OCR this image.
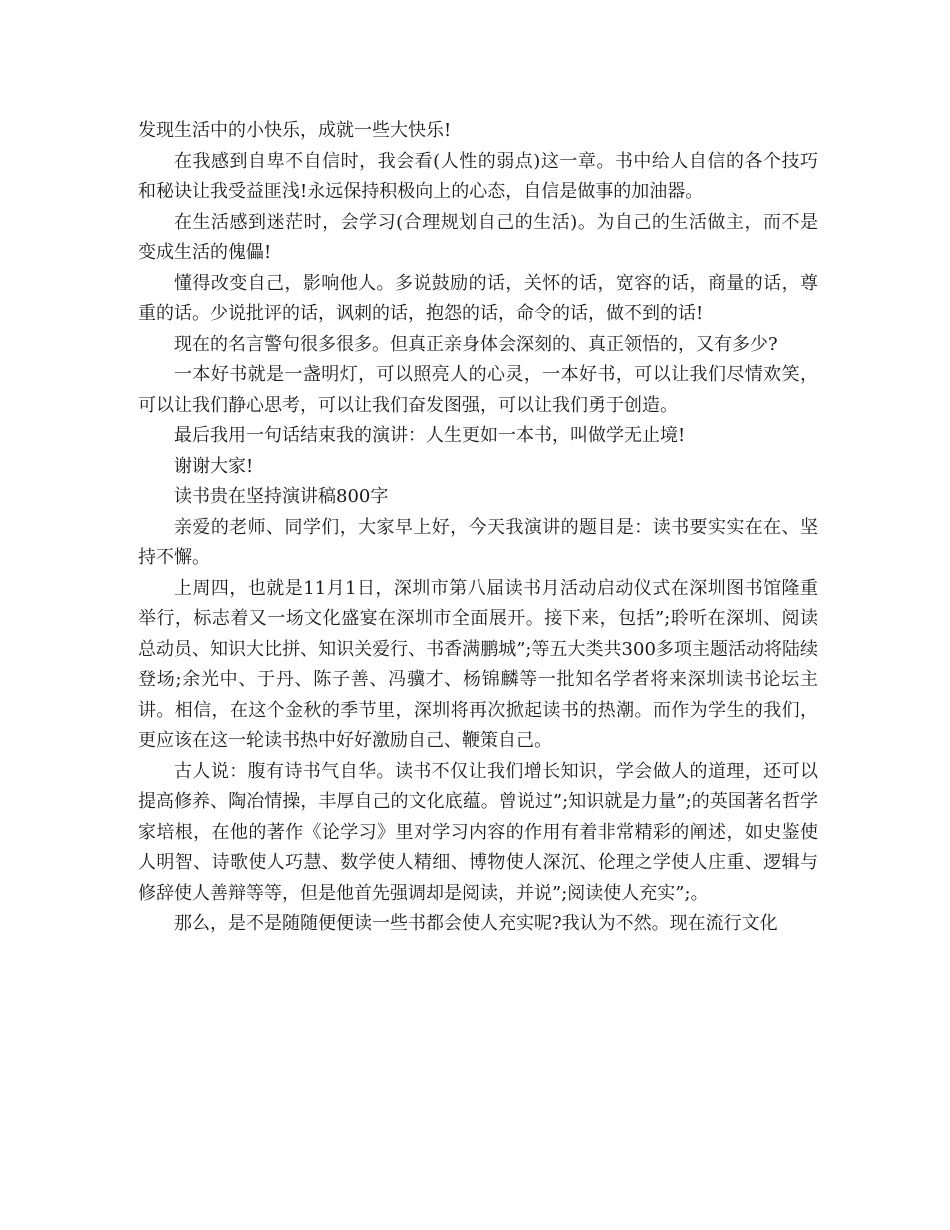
发现生活中的小快乐，成就一些大快乐!

在我感到自卑不自信时，我会看(人性的弱点)这一章。书中给人自信的各个技巧和秘诀让我受益匪浅!永远保持积极向上的心态，自信是做事的加油器。

在生活感到迷茫时，会学习(合理规划自己的生活)。为自己的生活做主，而不是变成生活的傀儡!

懂得改变自己，影响他人。多说鼓励的话，关怀的话，宽容的话，商量的话，尊重的话。少说批评的话，讽刺的话，抱怨的话，命令的话，做不到的话!

现在的名言警句很多很多。但真正亲身体会深刻的、真正领悟的，又有多少?

一本好书就是一盏明灯，可以照亮人的心灵，一本好书，可以让我们尽情欢笑，可以让我们静心思考，可以让我们奋发图强，可以让我们勇于创造。

最后我用一句话结束我的演讲：人生更如一本书，叫做学无止境!

谢谢大家!

读书贵在坚持演讲稿800字

亲爱的老师、同学们，大家早上好，今天我演讲的题目是：读书要实实在在、坚持不懈。

上周四，也就是11月1日，深圳市第八届读书月活动启动仪式在深圳图书馆隆重举行，标志着又一场文化盛宴在深圳市全面展开。接下来，包括”;聆听在深圳、阅读总动员、知识大比拼、知识关爱行、书香满鹏城”;等五大类共300多项主题活动将陆续登场;余光中、于丹、陈子善、冯骥才、杨锦麟等一批知名学者将来深圳读书论坛主讲。相信，在这个金秋的季节里，深圳将再次掀起读书的热潮。而作为学生的我们，更应该在这一轮读书热中好好激励自己、鞭策自己。

古人说：腹有诗书气自华。读书不仅让我们增长知识，学会做人的道理，还可以提高修养、陶冶情操，丰厚自己的文化底蕴。曾说过”;知识就是力量”;的英国著名哲学家培根，在他的著作《论学习》里对学习内容的作用有着非常精彩的阐述，如史鉴使人明智、诗歌使人巧慧、数学使人精细、博物使人深沉、伦理之学使人庄重、逻辑与修辞使人善辩等等，但是他首先强调却是阅读，并说”;阅读使人充实”;。

那么，是不是随随便便读一些书都会使人充实呢?我认为不然。现在流行文化
